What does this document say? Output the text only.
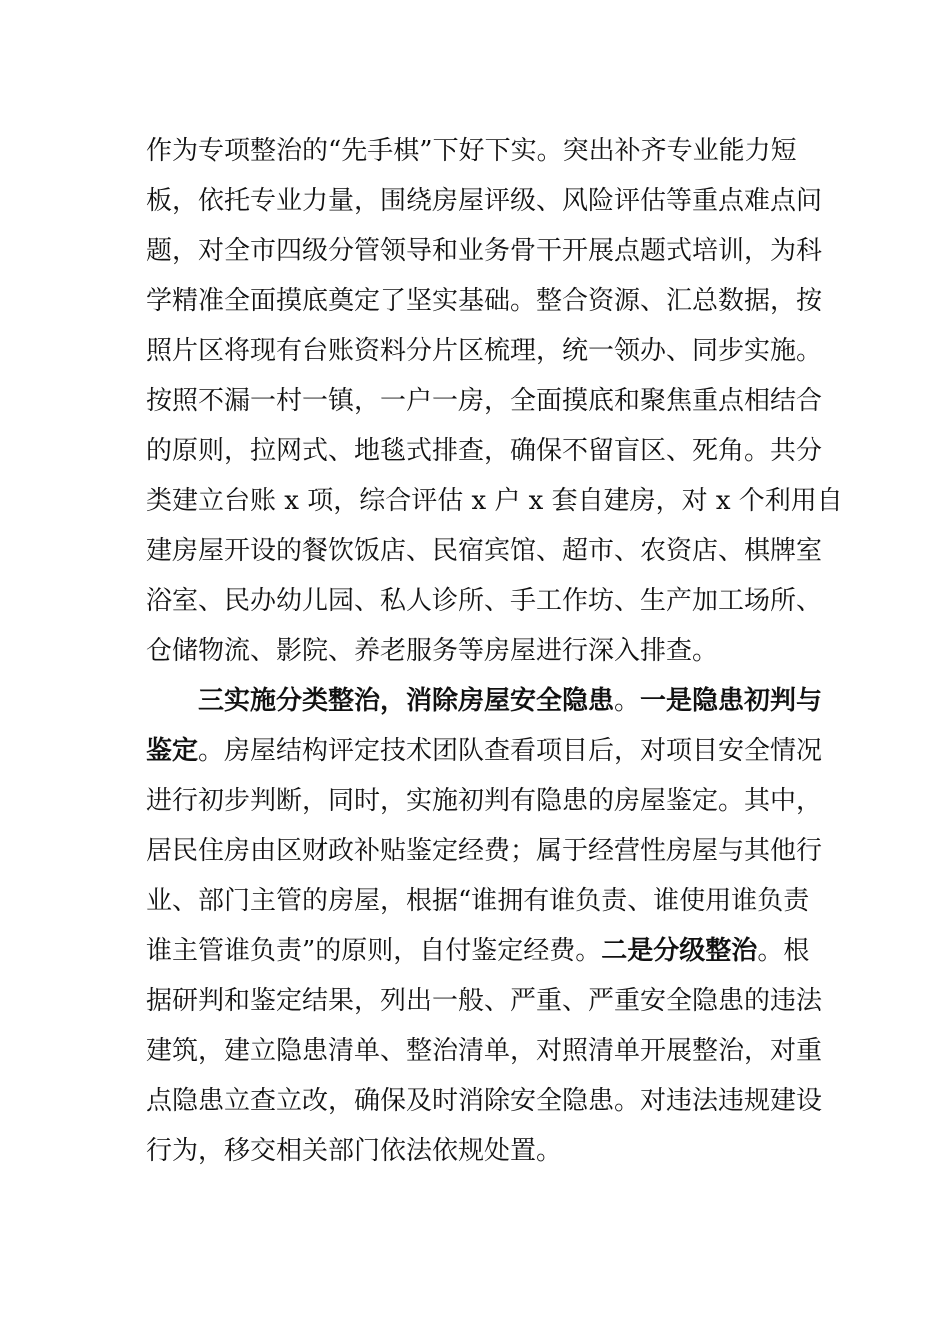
作为专项整治的“先手棋”下好下实。突出补齐专业能力短
板，依托专业力量，围绕房屋评级、风险评估等重点难点问
题，对全市四级分管领导和业务骨干开展点题式培训，为科
学精准全面摸底奠定了坚实基础。整合资源、汇总数据，按
照片区将现有台账资料分片区梳理，统一领办、同步实施。
按照不漏一村一镇，一户一房，全面摸底和聚焦重点相结合
的原则，拉网式、地毯式排查，确保不留盲区、死角。共分
类建立台账 x 项，综合评估 x 户 x 套自建房，对 x 个利用自
建房屋开设的餐饮饭店、民宿宾馆、超市、农资店、棋牌室
浴室、民办幼儿园、私人诊所、手工作坊、生产加工场所、
仓储物流、影院、养老服务等房屋进行深入排查。
三实施分类整治，消除房屋安全隐患。一是隐患初判与
鉴定。房屋结构评定技术团队查看项目后，对项目安全情况
进行初步判断，同时，实施初判有隐患的房屋鉴定。其中，
居民住房由区财政补贴鉴定经费；属于经营性房屋与其他行
业、部门主管的房屋，根据“谁拥有谁负责、谁使用谁负责
谁主管谁负责”的原则，自付鉴定经费。二是分级整治。根
据研判和鉴定结果，列出一般、严重、严重安全隐患的违法
建筑，建立隐患清单、整治清单，对照清单开展整治，对重
点隐患立查立改，确保及时消除安全隐患。对违法违规建设
行为，移交相关部门依法依规处置。
